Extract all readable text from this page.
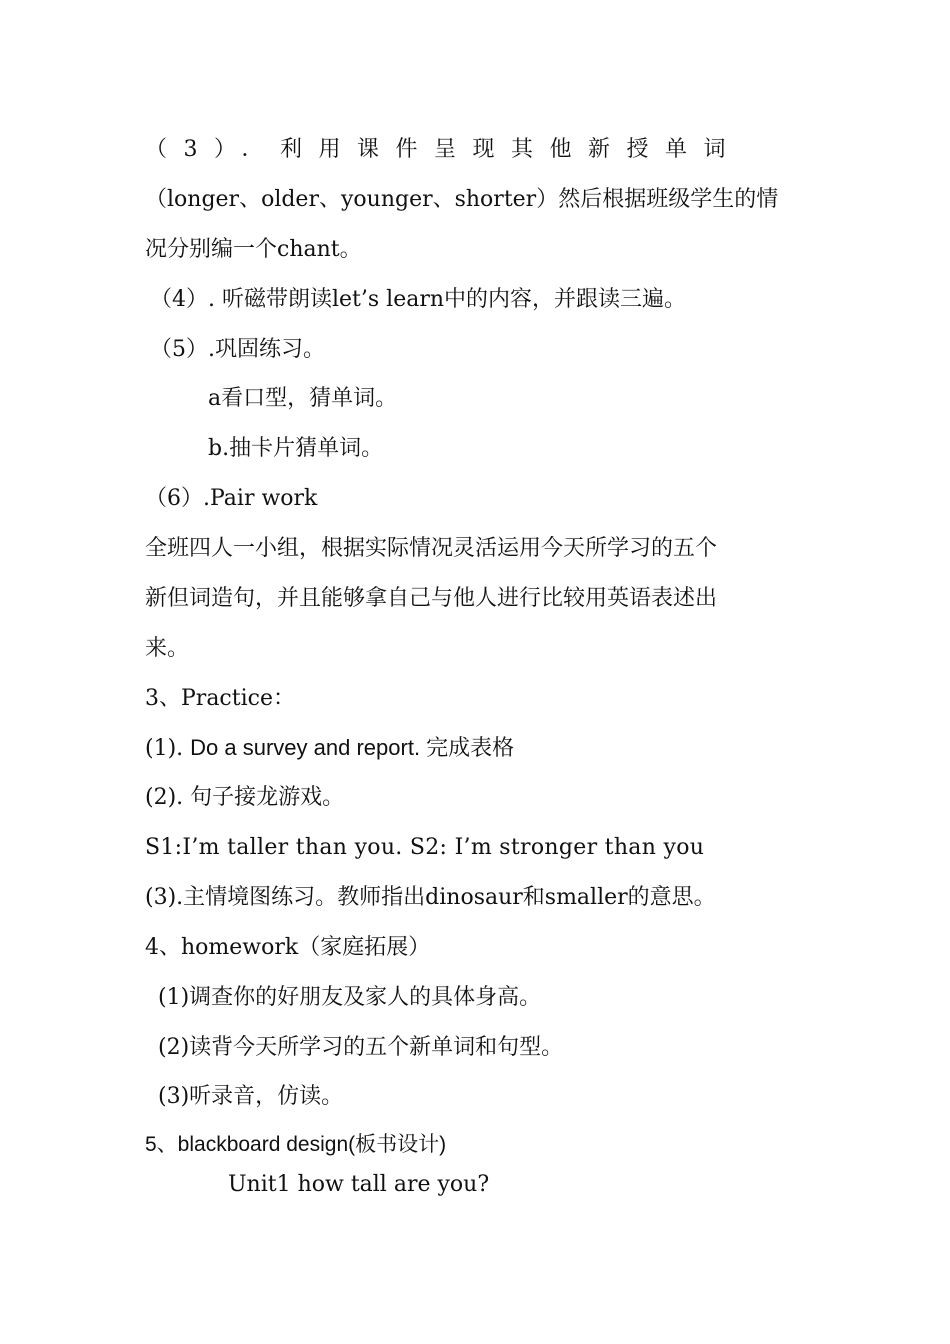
（3）．利用课件呈现其他新授单词
（longer、older、younger、shorter）然后根据班级学生的情
况分别编一个chant。
（4）. 听磁带朗读let’s learn中的内容，并跟读三遍。
（5）.巩固练习。
a看口型，猜单词。
b.抽卡片猜单词。
（6）.Pair work
全班四人一小组，根据实际情况灵活运用今天所学习的五个
新但词造句，并且能够拿自己与他人进行比较用英语表述出
来。
3、Practice：
(1). Do a survey and report. 完成表格
(2). 句子接龙游戏。
S1:I’m taller than you. S2: I’m stronger than you
(3).主情境图练习。教师指出dinosaur和smaller的意思。
4、homework（家庭拓展）
(1)调查你的好朋友及家人的具体身高。
(2)读背今天所学习的五个新单词和句型。
(3)听录音，仿读。
5、blackboard design(板书设计)
Unit1 how tall are you?
